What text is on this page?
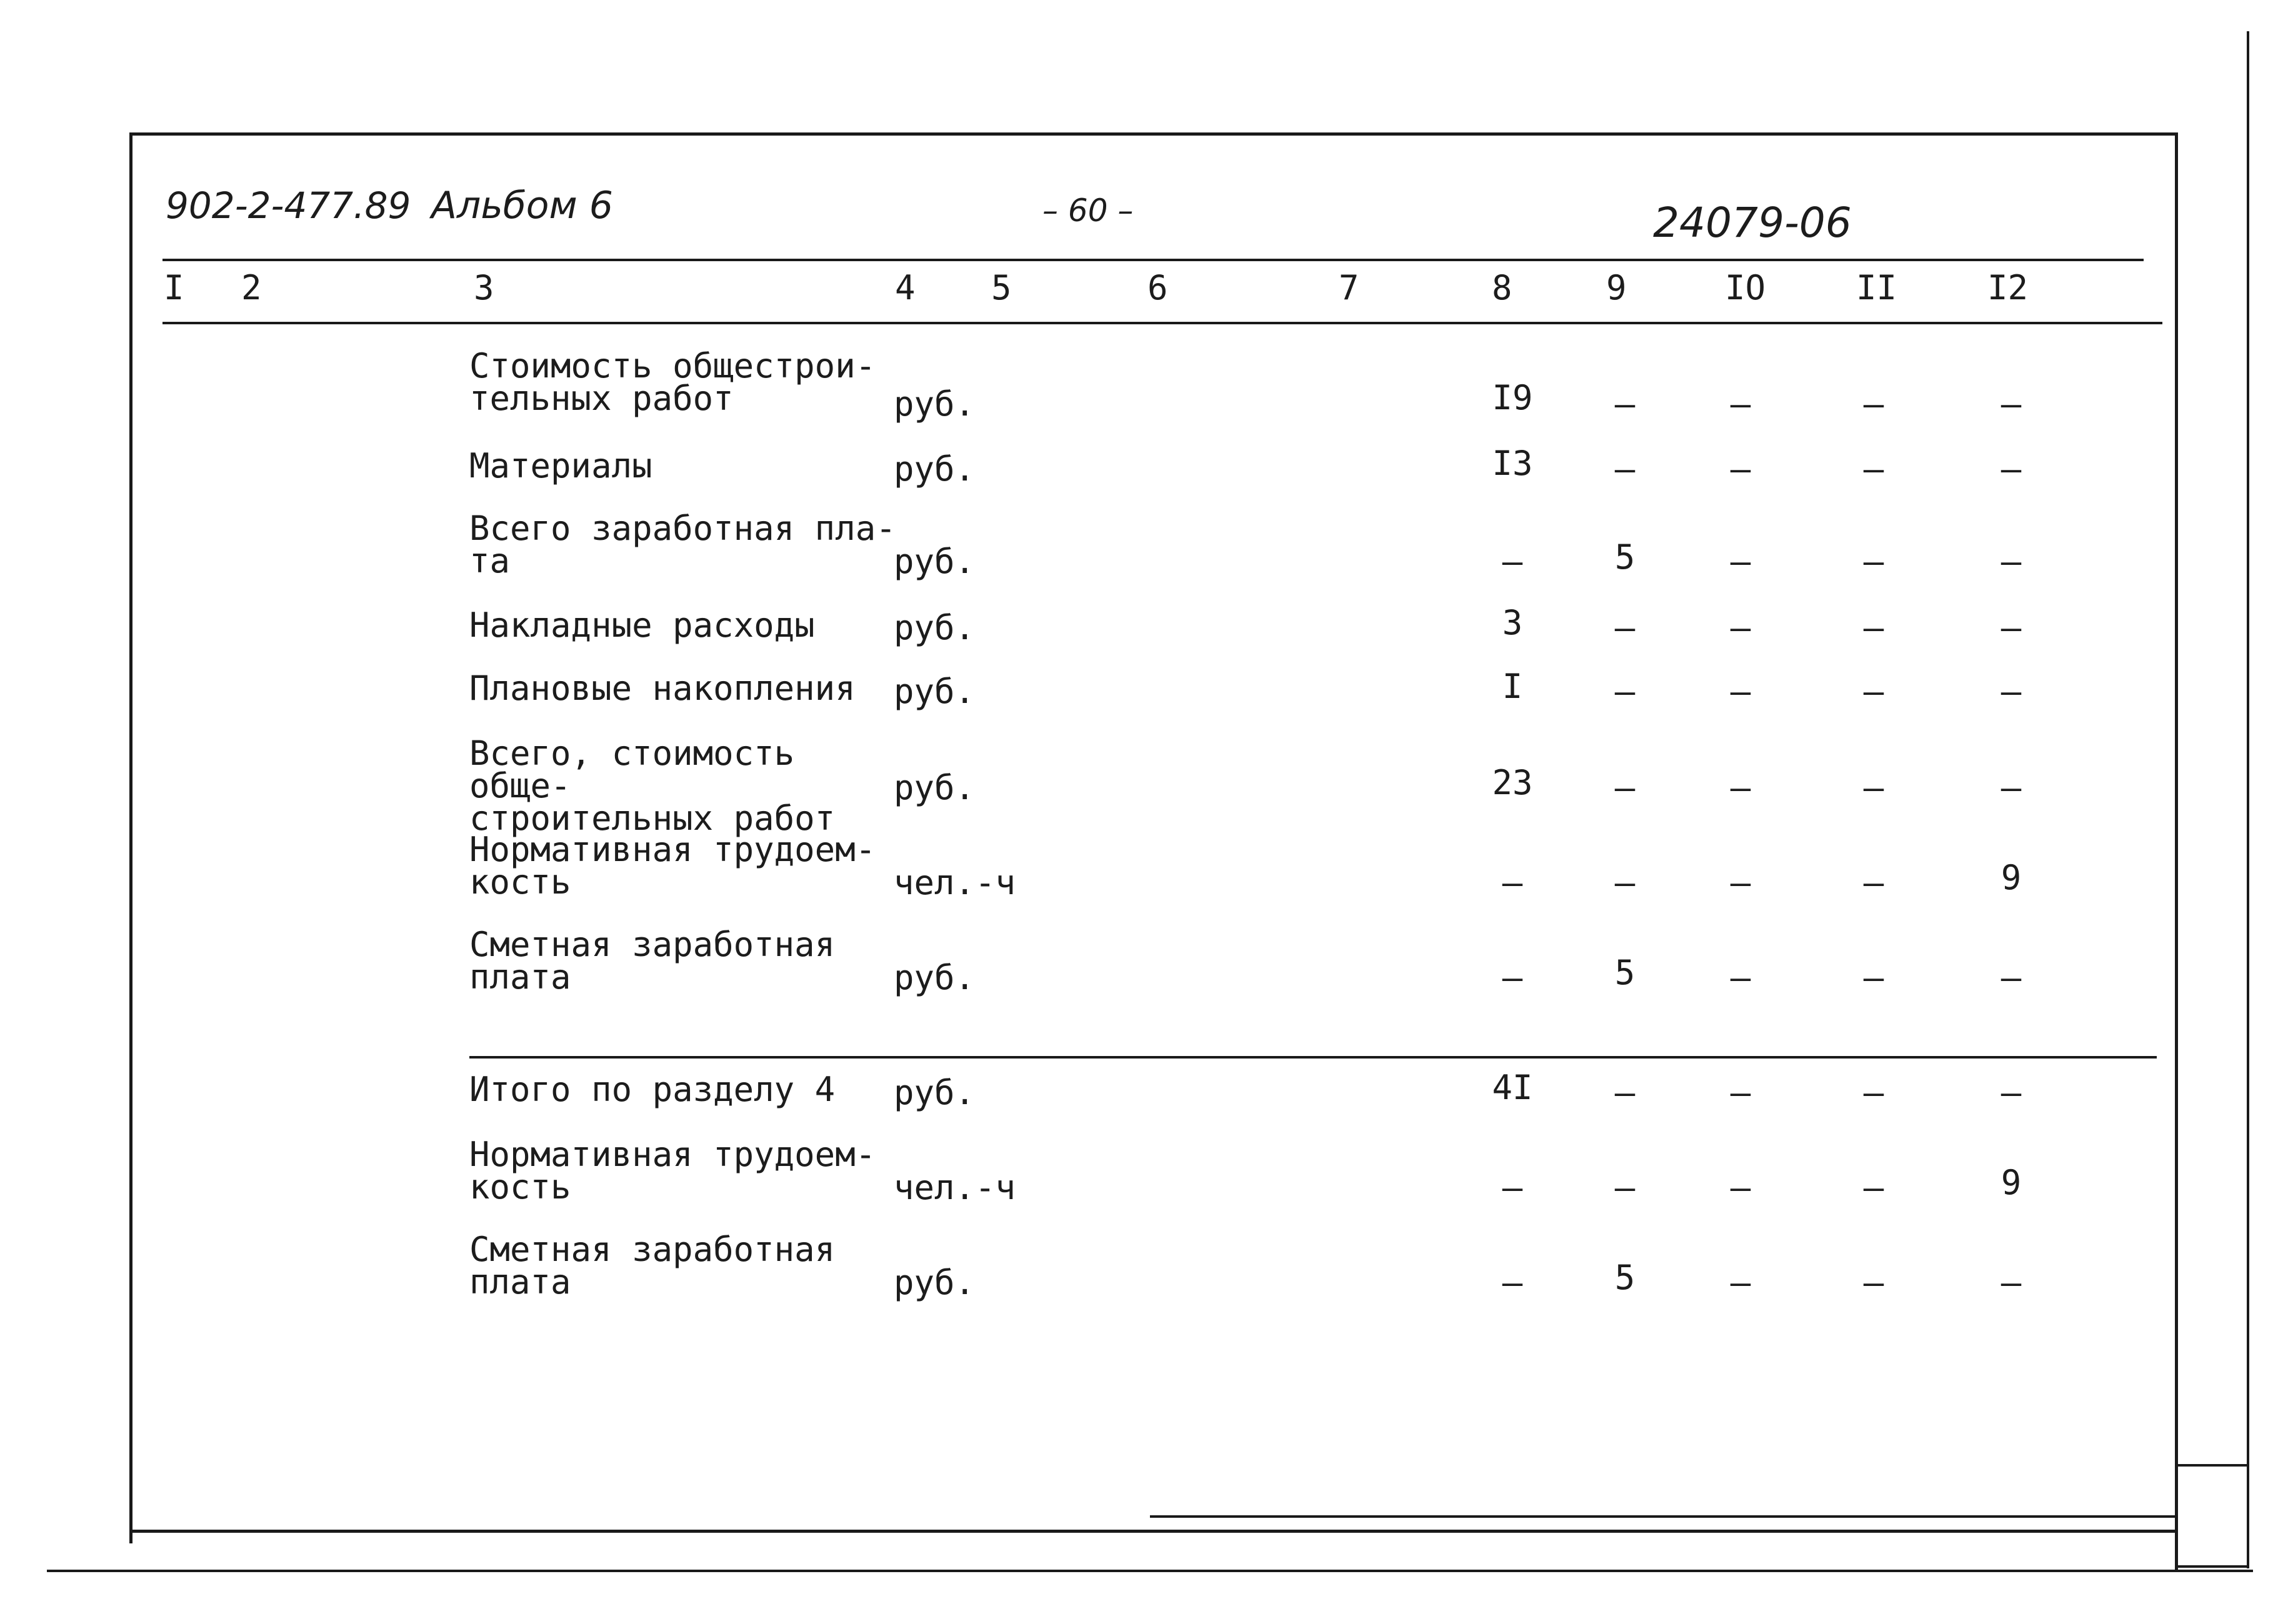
902-2-477.89 Альбом 6	– 60 –	24079-06
I 2	3	4 5	6	7	8	9	IO	II	I2
Стоимость общестрои-
тельных работ	руб.	I9	–	–	–	–
Материалы	руб.	I3	–	–	–	–
Всего заработная пла-
та	руб.	–	5	–	–	–
Накладные расходы	руб.	3	–	–	–	–
Плановые накопления	руб.	I	–	–	–	–
Всего, стоимость обще-
строительных работ
руб.	23	–	–	–	–
Нормативная трудоем-
кость	чел.-ч	–	–	–	–	9
Сметная заработная
плата	руб.	–	5	–	–	–
Итого по разделу 4	руб.	4I	–	–	–	–
Нормативная трудоем-
кость	чел.-ч	–	–	–	–	9
Сметная заработная
плата	руб.	–	5	–	–	–
